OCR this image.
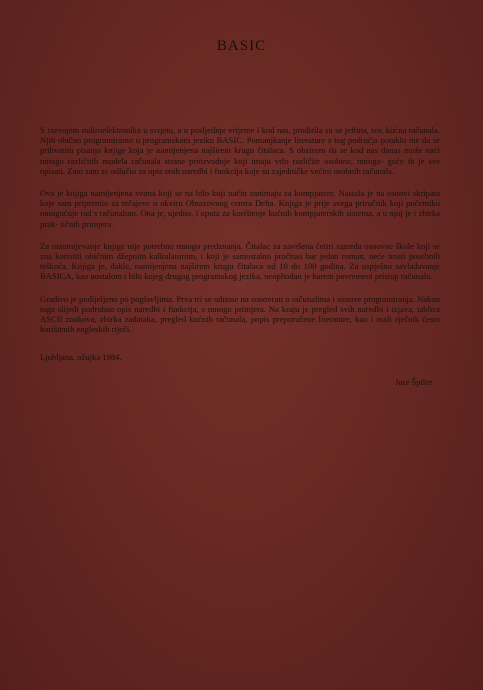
BASIC

S razvojem mikroelektronika u svijetu, a u posljednje vrijeme i kod nas, prodirila su se jeftina, tzv. kućna računala. Njih obično programiramo u programskom jeziku BASIC. Pomanjkanje literature z tog područja potaklo me da se prihvatim pisanja knjige koja je namijenjena najširem krugu čitalaca. S obzirom da se kod nas danas može naći mnogo različitih modela računala strane proizvodnje koji imaju vrlo različite osobine, mnogo- guće ih je sve opisati. Zato sam se odlučio za opis onih naredbi i funkcija koje su zajedničke većini osobnih računala.

Ova je knjiga namijenjena svima koji se na bilo koji način zanimaju za kompjutere. Nastala je na osnovi skripata koje sam pripremio za tečajeve u okviru Obrazovnog centra Delta. Knjiga je prije svega priručnik koji početniku omogućuje rad s računalom. Ona je, ujedno, i uputa za korištenje kućnih kompjuterskih sistema, a u njoj je i zbirka prak- tičnih primjera.

Za razumijevanje knjige nije potrebno mnogo predznanja. Čitalac za završena četiri razreda osnovne škole koji se zna koristiti običnim džepnim kalkulatorom, i koji je samostalno pročitao bar jedan roman, neće imati posebnih teškoća. Knjiga je, dakle, namijenjena najširem krugu čitalaca od 10 do 100 godina. Za uspješno savladavanje BASICA, kao uostalom i bilo kojeg drugog programskog jezika, neophodan je barem povremeni pristup računalu.

Gradivo je podijeljeno po poglavljima. Prva tri se odnose na sonovrati o računalima i osnove programiranja. Nakon toga slijedi podroban opis naredbi i funkcija, s mnogo primjera. Na kraju je pregled svih naredbi i izjava, tablica ASCII znakova, zbirka zadataka, pregled kućnih računala, popis preporučene literature, kao i mali rječnik često korištenih engleskih riječi.

Ljubljana, ožujka 1984.
Jure Špiler
